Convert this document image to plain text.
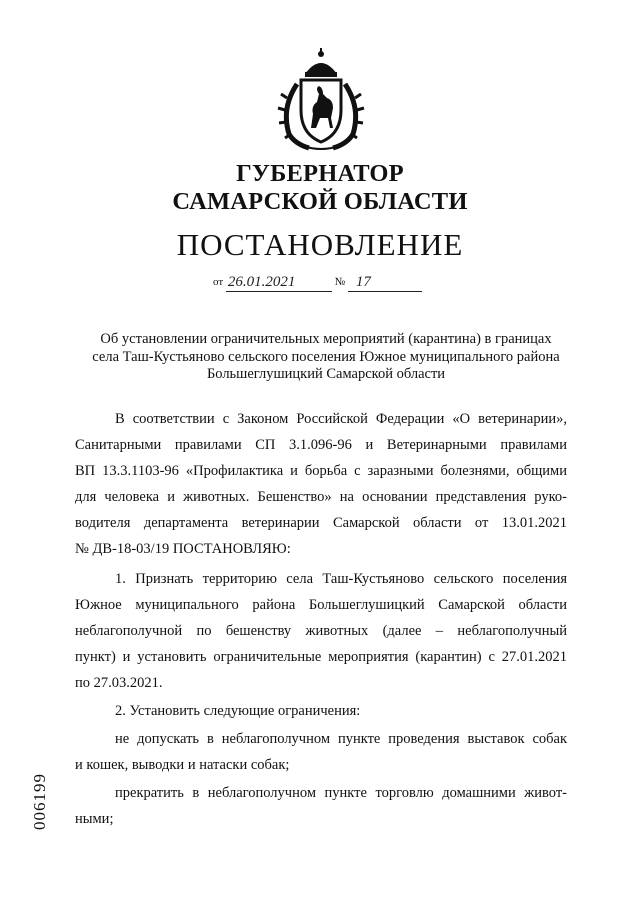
ГУБЕРНАТОР
САМАРСКОЙ ОБЛАСТИ
ПОСТАНОВЛЕНИЕ
от 26.01.2021	№ 17
Об установлении ограничительных мероприятий (карантина) в границах
села Таш-Кустьяново сельского поселения Южное муниципального района
Большеглушицкий Самарской области
В соответствии с Законом Российской Федерации «О ветеринарии»,
Санитарными правилами СП 3.1.096-96 и Ветеринарными правилами
ВП 13.3.1103-96 «Профилактика и борьба с заразными болезнями, общими
для человека и животных. Бешенство» на основании представления руко-
водителя департамента ветеринарии Самарской области от 13.01.2021
№ ДВ-18-03/19 ПОСТАНОВЛЯЮ:
1. Признать территорию села Таш-Кустьяново сельского поселения
Южное муниципального района Большеглушицкий Самарской области
неблагополучной по бешенству животных (далее – неблагополучный
пункт) и установить ограничительные мероприятия (карантин) с 27.01.2021
по 27.03.2021.
2. Установить следующие ограничения:
не допускать в неблагополучном пункте проведения выставок собак
и кошек, выводки и натаски собак;
прекратить в неблагополучном пункте торговлю домашними живот-
ными;
006199
